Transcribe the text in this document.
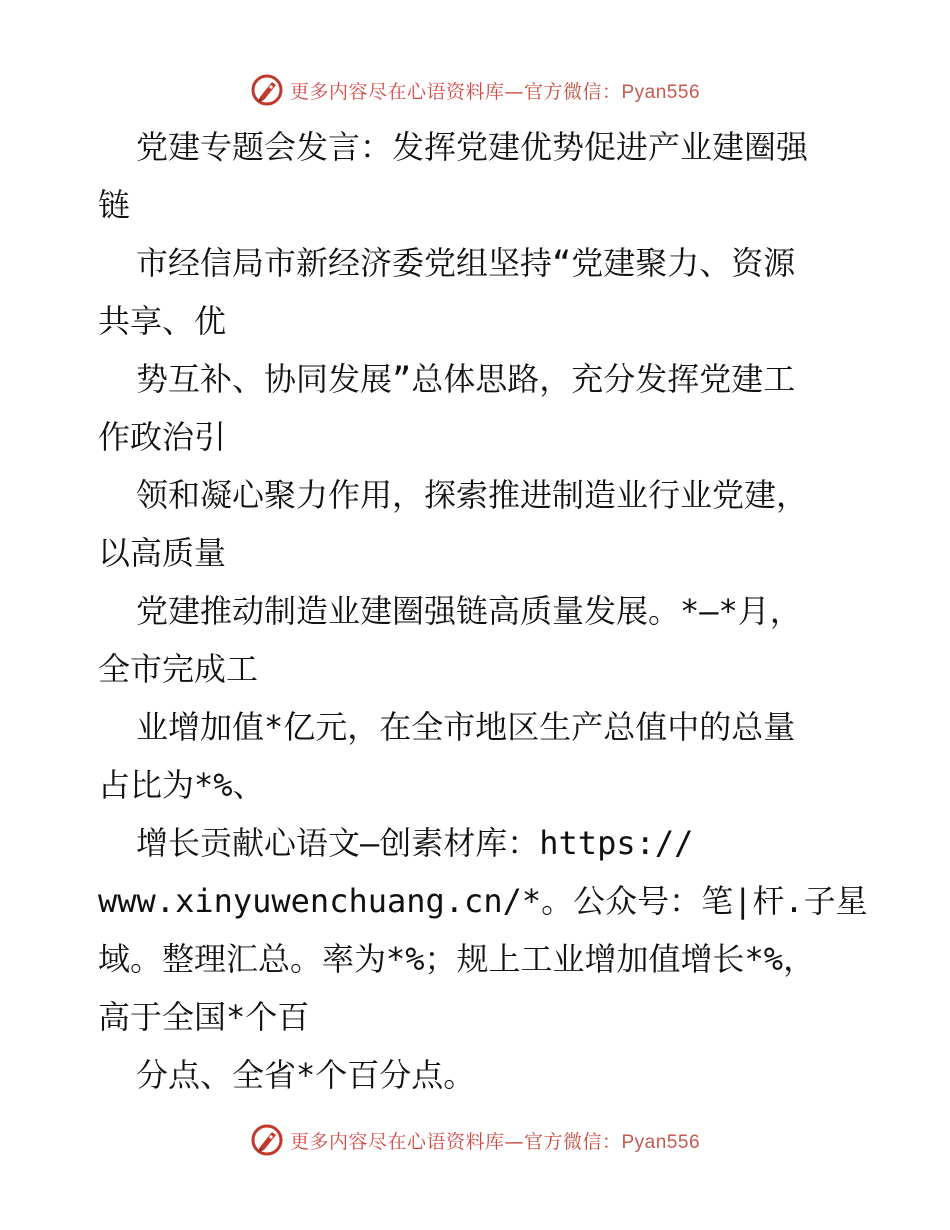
更多内容尽在心语资料库—官方微信：Pyan556
党建专题会发言：发挥党建优势促进产业建圈强
链
市经信局市新经济委党组坚持“党建聚力、资源
共享、优
势互补、协同发展”总体思路，充分发挥党建工
作政治引
领和凝心聚力作用，探索推进制造业行业党建，
以高质量
党建推动制造业建圈强链高质量发展。*—*月，
全市完成工
业增加值*亿元，在全市地区生产总值中的总量
占比为*%、
增长贡献心语文—创素材库：https://
www.xinyuwenchuang.cn/*。公众号：笔|杆.子星
域。整理汇总。率为*%；规上工业增加值增长*%，
高于全国*个百
分点、全省*个百分点。
更多内容尽在心语资料库—官方微信：Pyan556
